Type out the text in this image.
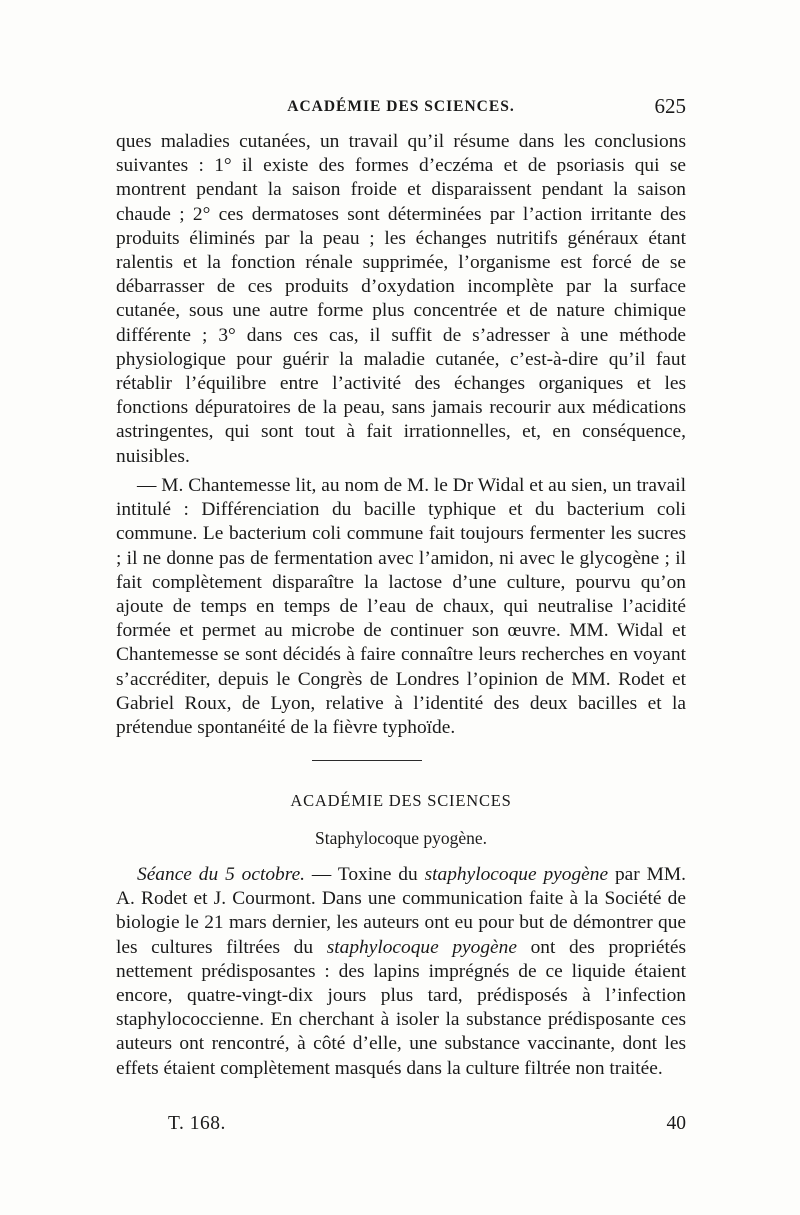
ACADÉMIE DES SCIENCES.	625

ques maladies cutanées, un travail qu’il résume dans les conclusions suivantes : 1° il existe des formes d’eczéma et de psoriasis qui se montrent pendant la saison froide et disparaissent pendant la saison chaude ; 2° ces dermatoses sont déterminées par l’action irritante des produits éliminés par la peau ; les échanges nutritifs généraux étant ralentis et la fonction rénale supprimée, l’organisme est forcé de se débarrasser de ces produits d’oxydation incomplète par la surface cutanée, sous une autre forme plus concentrée et de nature chimique différente ; 3° dans ces cas, il suffit de s’adresser à une méthode physiologique pour guérir la maladie cutanée, c’est-à-dire qu’il faut rétablir l’équilibre entre l’activité des échanges organiques et les fonctions dépuratoires de la peau, sans jamais recourir aux médications astringentes, qui sont tout à fait irrationnelles, et, en conséquence, nuisibles.

— M. Chantemesse lit, au nom de M. le Dr Widal et au sien, un travail intitulé : Différenciation du bacille typhique et du bacterium coli commune. Le bacterium coli commune fait toujours fermenter les sucres ; il ne donne pas de fermentation avec l’amidon, ni avec le glycogène ; il fait complètement disparaître la lactose d’une culture, pourvu qu’on ajoute de temps en temps de l’eau de chaux, qui neutralise l’acidité formée et permet au microbe de continuer son œuvre. MM. Widal et Chantemesse se sont décidés à faire connaître leurs recherches en voyant s’accréditer, depuis le Congrès de Londres l’opinion de MM. Rodet et Gabriel Roux, de Lyon, relative à l’identité des deux bacilles et la prétendue spontanéité de la fièvre typhoïde.

ACADÉMIE DES SCIENCES
Staphylocoque pyogène.

Séance du 5 octobre. — Toxine du staphylocoque pyogène par MM. A. Rodet et J. Courmont. Dans une communication faite à la Société de biologie le 21 mars dernier, les auteurs ont eu pour but de démontrer que les cultures filtrées du staphylocoque pyogène ont des propriétés nettement prédisposantes : des lapins imprégnés de ce liquide étaient encore, quatre-vingt-dix jours plus tard, prédisposés à l’infection staphylococcienne. En cherchant à isoler la substance prédisposante ces auteurs ont rencontré, à côté d’elle, une substance vaccinante, dont les effets étaient complètement masqués dans la culture filtrée non traitée.

T. 168.	40
